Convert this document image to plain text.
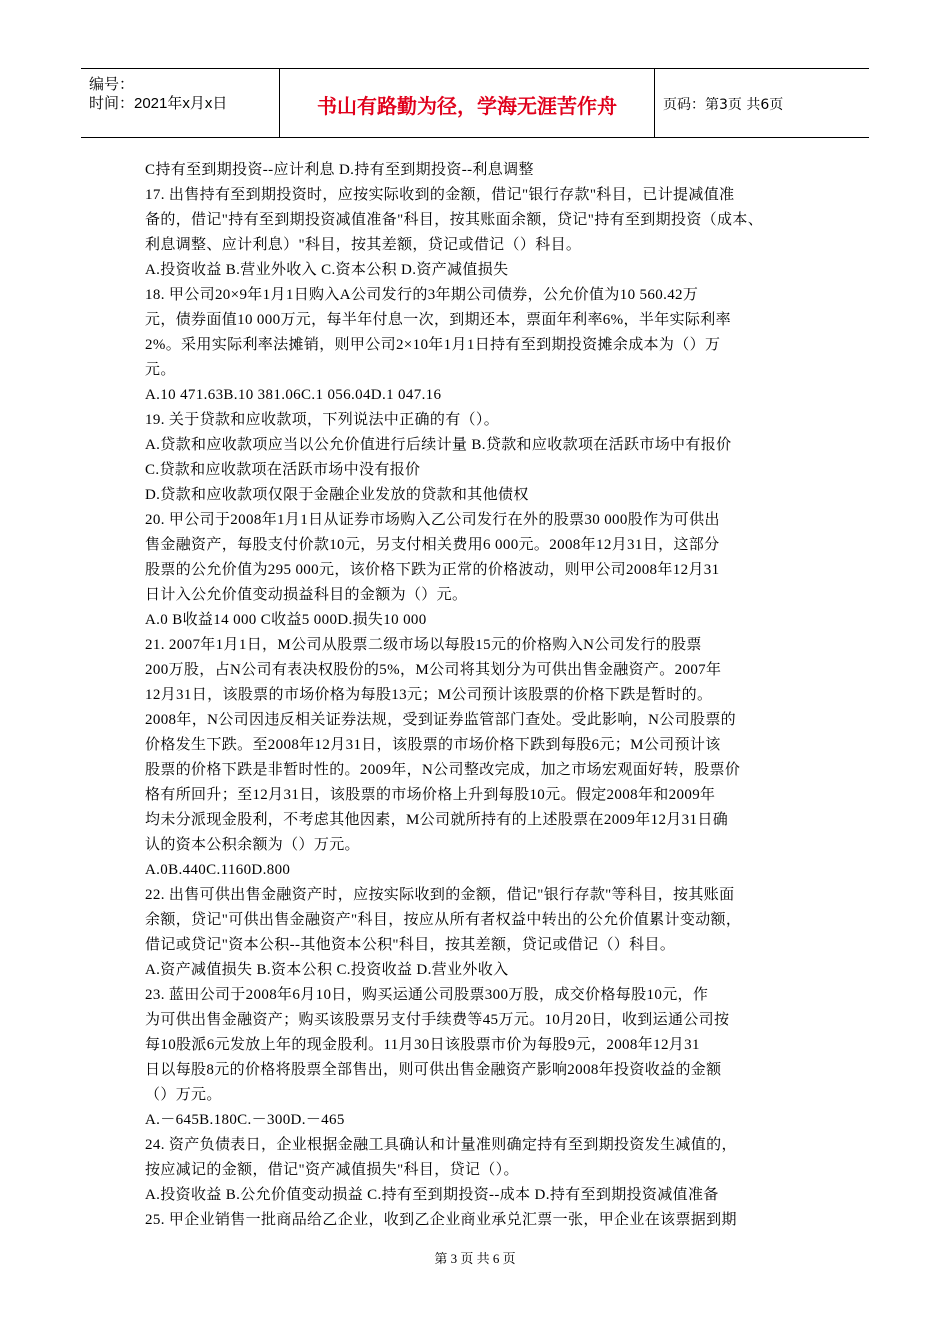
编号：
时间：2021年x月x日	书山有路勤为径，学海无涯苦作舟	页码：第3页 共6页
C持有至到期投资--应计利息 D.持有至到期投资--利息调整
17. 出售持有至到期投资时，应按实际收到的金额，借记"银行存款"科目，已计提减值准
备的，借记"持有至到期投资减值准备"科目，按其账面余额，贷记"持有至到期投资（成本、
利息调整、应计利息）"科目，按其差额，贷记或借记（）科目。
A.投资收益 B.营业外收入 C.资本公积 D.资产减值损失
18. 甲公司20×9年1月1日购入A公司发行的3年期公司债券，公允价值为10 560.42万
元，债券面值10 000万元，每半年付息一次，到期还本，票面年利率6%，半年实际利率
2%。采用实际利率法摊销，则甲公司2×10年1月1日持有至到期投资摊余成本为（）万
元。
A.10 471.63B.10 381.06C.1 056.04D.1 047.16
19. 关于贷款和应收款项，下列说法中正确的有（）。
A.贷款和应收款项应当以公允价值进行后续计量 B.贷款和应收款项在活跃市场中有报价
C.贷款和应收款项在活跃市场中没有报价
D.贷款和应收款项仅限于金融企业发放的贷款和其他债权
20. 甲公司于2008年1月1日从证券市场购入乙公司发行在外的股票30 000股作为可供出
售金融资产，每股支付价款10元，另支付相关费用6 000元。2008年12月31日，这部分
股票的公允价值为295 000元，该价格下跌为正常的价格波动，则甲公司2008年12月31
日计入公允价值变动损益科目的金额为（）元。
A.0 B收益14 000 C收益5 000D.损失10 000
21. 2007年1月1日，M公司从股票二级市场以每股15元的价格购入N公司发行的股票
200万股，占N公司有表决权股份的5%，M公司将其划分为可供出售金融资产。2007年
12月31日，该股票的市场价格为每股13元；M公司预计该股票的价格下跌是暂时的。
2008年，N公司因违反相关证券法规，受到证券监管部门查处。受此影响，N公司股票的
价格发生下跌。至2008年12月31日，该股票的市场价格下跌到每股6元；M公司预计该
股票的价格下跌是非暂时性的。2009年，N公司整改完成，加之市场宏观面好转，股票价
格有所回升；至12月31日，该股票的市场价格上升到每股10元。假定2008年和2009年
均未分派现金股利，不考虑其他因素，M公司就所持有的上述股票在2009年12月31日确
认的资本公积余额为（）万元。
A.0B.440C.1160D.800
22. 出售可供出售金融资产时，应按实际收到的金额，借记"银行存款"等科目，按其账面
余额，贷记"可供出售金融资产"科目，按应从所有者权益中转出的公允价值累计变动额，
借记或贷记"资本公积--其他资本公积"科目，按其差额，贷记或借记（）科目。
A.资产减值损失 B.资本公积 C.投资收益 D.营业外收入
23. 蓝田公司于2008年6月10日，购买运通公司股票300万股，成交价格每股10元，作
为可供出售金融资产；购买该股票另支付手续费等45万元。10月20日，收到运通公司按
每10股派6元发放上年的现金股利。11月30日该股票市价为每股9元，2008年12月31
日以每股8元的价格将股票全部售出，则可供出售金融资产影响2008年投资收益的金额
（）万元。
A.－645B.180C.－300D.－465
24. 资产负债表日，企业根据金融工具确认和计量准则确定持有至到期投资发生减值的，
按应减记的金额，借记"资产减值损失"科目，贷记（）。
A.投资收益 B.公允价值变动损益 C.持有至到期投资--成本 D.持有至到期投资减值准备
25. 甲企业销售一批商品给乙企业，收到乙企业商业承兑汇票一张，甲企业在该票据到期
第 3 页 共 6 页
